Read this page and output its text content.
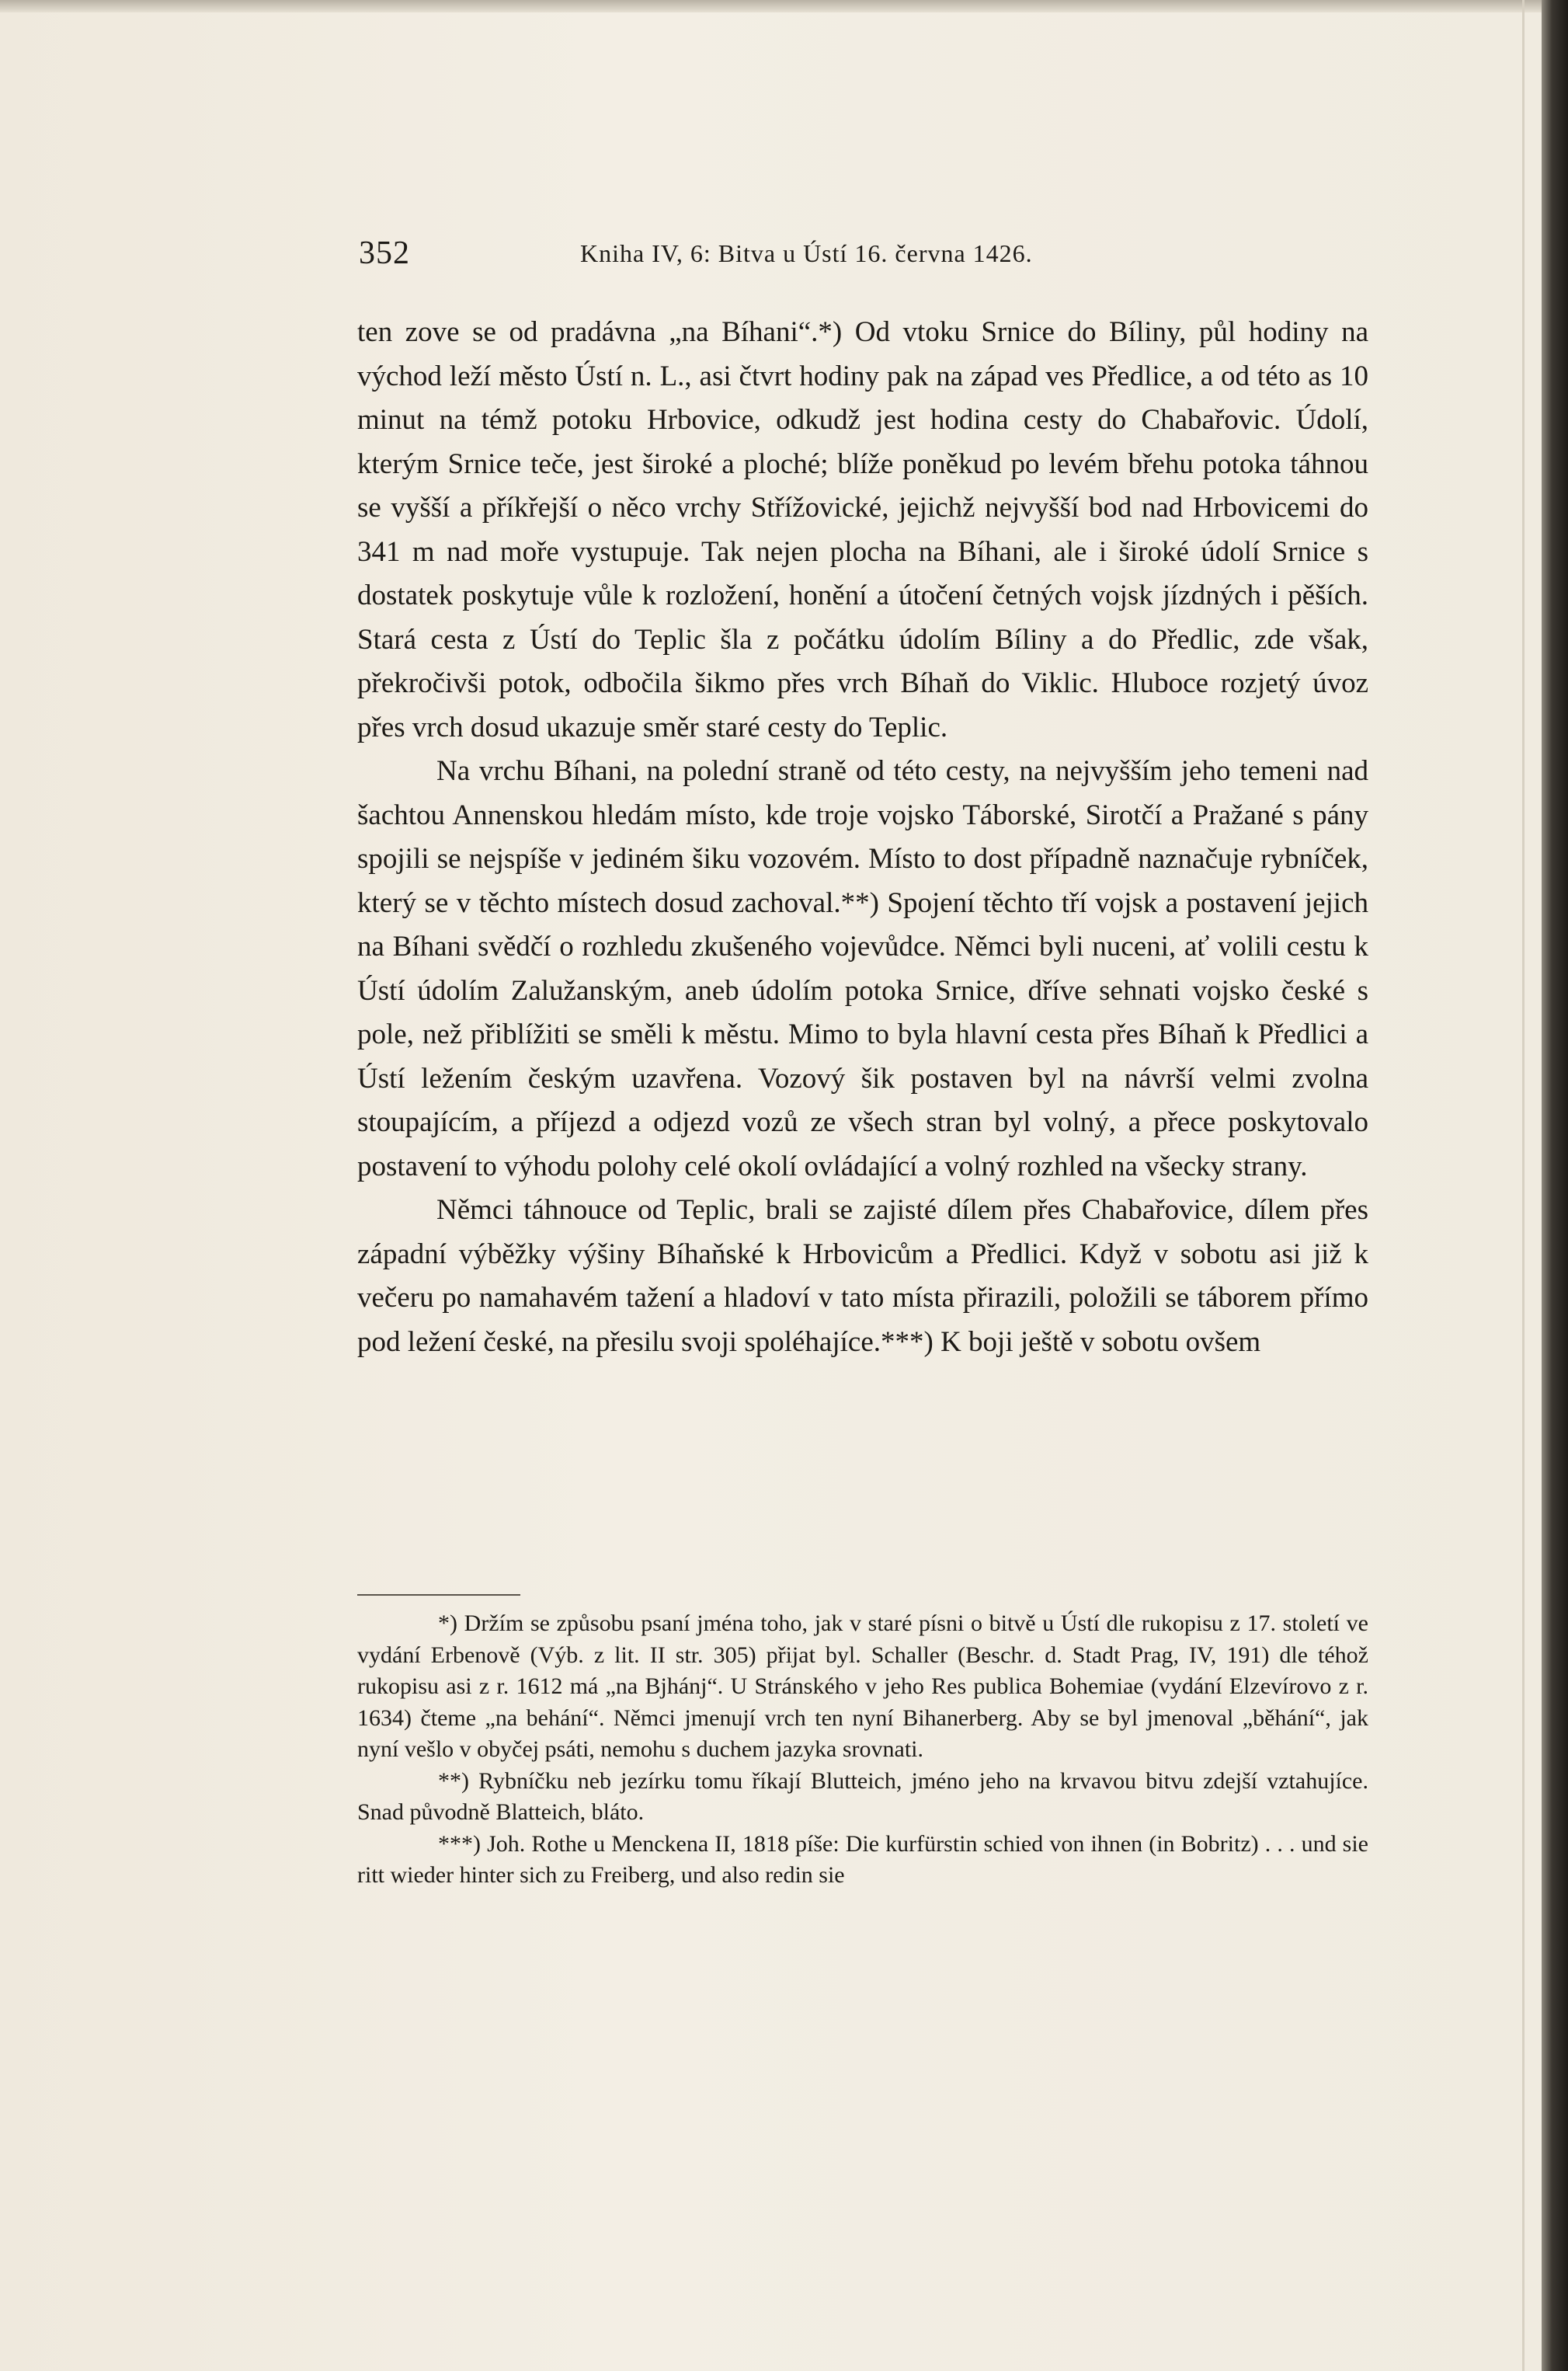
352	Kniha IV, 6: Bitva u Ústí 16. června 1426.

ten zove se od pradávna „na Bíhani“.*) Od vtoku Srnice do Bíliny, půl hodiny na východ leží město Ústí n. L., asi čtvrt hodiny pak na západ ves Předlice, a od této as 10 minut na témž potoku Hrbovice, odkudž jest hodina cesty do Chabařovic. Údolí, kterým Srnice teče, jest široké a ploché; blíže poněkud po levém břehu potoka táhnou se vyšší a příkřejší o něco vrchy Střížovické, jejichž nejvyšší bod nad Hrbovicemi do 341 m nad moře vystupuje. Tak nejen plocha na Bíhani, ale i široké údolí Srnice s dostatek poskytuje vůle k rozložení, honění a útočení četných vojsk jízdných i pěších. Stará cesta z Ústí do Teplic šla z počátku údolím Bíliny a do Předlic, zde však, překročivši potok, odbočila šikmo přes vrch Bíhaň do Viklic. Hluboce rozjetý úvoz přes vrch dosud ukazuje směr staré cesty do Teplic.

Na vrchu Bíhani, na polední straně od této cesty, na nejvyšším jeho temeni nad šachtou Annenskou hledám místo, kde troje vojsko Táborské, Sirotčí a Pražané s pány spojili se nejspíše v jediném šiku vozovém. Místo to dost případně naznačuje rybníček, který se v těchto místech dosud zachoval.**) Spojení těchto tří vojsk a postavení jejich na Bíhani svědčí o rozhledu zkušeného vojevůdce. Němci byli nuceni, ať volili cestu k Ústí údolím Zalužanským, aneb údolím potoka Srnice, dříve sehnati vojsko české s pole, než přiblížiti se směli k městu. Mimo to byla hlavní cesta přes Bíhaň k Předlici a Ústí ležením českým uzavřena. Vozový šik postaven byl na návrší velmi zvolna stoupajícím, a příjezd a odjezd vozů ze všech stran byl volný, a přece poskytovalo postavení to výhodu polohy celé okolí ovládající a volný rozhled na všecky strany.

Němci táhnouce od Teplic, brali se zajisté dílem přes Chabařovice, dílem přes západní výběžky výšiny Bíhaňské k Hrbovicům a Předlici. Když v sobotu asi již k večeru po namahavém tažení a hladoví v tato místa přirazili, položili se táborem přímo pod ležení české, na přesilu svoji spoléhajíce.***) K boji ještě v sobotu ovšem

*) Držím se způsobu psaní jména toho, jak v staré písni o bitvě u Ústí dle rukopisu z 17. století ve vydání Erbenově (Výb. z lit. II str. 305) přijat byl. Schaller (Beschr. d. Stadt Prag, IV, 191) dle téhož rukopisu asi z r. 1612 má „na Bjhánj“. U Stránského v jeho Res publica Bohemiae (vydání Elzevírovo z r. 1634) čteme „na behání“. Němci jmenují vrch ten nyní Bihanerberg. Aby se byl jmenoval „běhání“, jak nyní vešlo v obyčej psáti, nemohu s duchem jazyka srovnati.

**) Rybníčku neb jezírku tomu říkají Blutteich, jméno jeho na krvavou bitvu zdejší vztahujíce. Snad původně Blatteich, bláto.

***) Joh. Rothe u Menckena II, 1818 píše: Die kurfürstin schied von ihnen (in Bobritz) . . . und sie ritt wieder hinter sich zu Freiberg, und also redin sie
